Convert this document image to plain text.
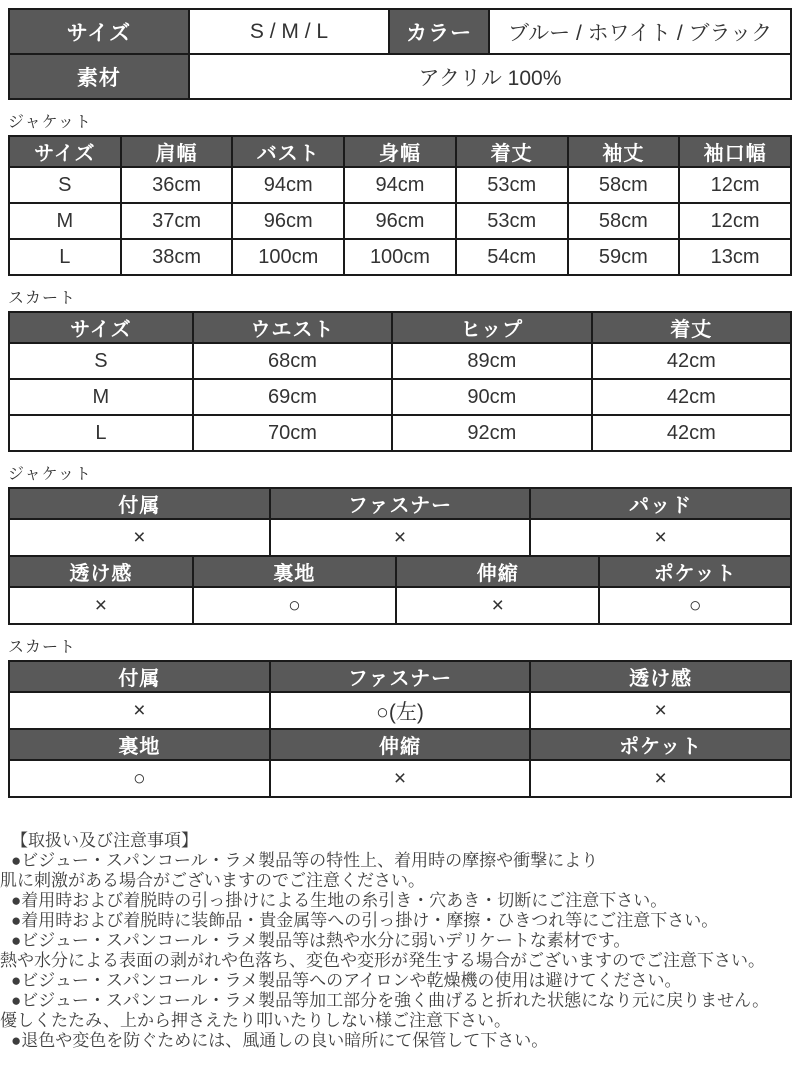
サイズ	S / M / L	カラー	ブルー / ホワイト / ブラック
素材	アクリル 100%		
ジャケット
サイズ	肩幅	バスト	身幅	着丈	袖丈	袖口幅
S	36cm	94cm	94cm	53cm	58cm	12cm
M	37cm	96cm	96cm	53cm	58cm	12cm
L	38cm	100cm	100cm	54cm	59cm	13cm
スカート
サイズ	ウエスト	ヒップ	着丈
S	68cm	89cm	42cm
M	69cm	90cm	42cm
L	70cm	92cm	42cm
ジャケット
付属	ファスナー	パッド
×	×	×
透け感	裏地	伸縮	ポケット
×	○	×	○
スカート
付属	ファスナー	透け感
×	○(左)	×
裏地	伸縮	ポケット
○	×	×
【取扱い及び注意事項】
●ビジュー・スパンコール・ラメ製品等の特性上、着用時の摩擦や衝撃により
肌に刺激がある場合がございますのでご注意ください。
●着用時および着脱時の引っ掛けによる生地の糸引き・穴あき・切断にご注意下さい。
●着用時および着脱時に装飾品・貴金属等への引っ掛け・摩擦・ひきつれ等にご注意下さい。
●ビジュー・スパンコール・ラメ製品等は熱や水分に弱いデリケートな素材です。
熱や水分による表面の剥がれや色落ち、変色や変形が発生する場合がございますのでご注意下さい。
●ビジュー・スパンコール・ラメ製品等へのアイロンや乾燥機の使用は避けてください。
●ビジュー・スパンコール・ラメ製品等加工部分を強く曲げると折れた状態になり元に戻りません。
優しくたたみ、上から押さえたり叩いたりしない様ご注意下さい。
●退色や変色を防ぐためには、風通しの良い暗所にて保管して下さい。
